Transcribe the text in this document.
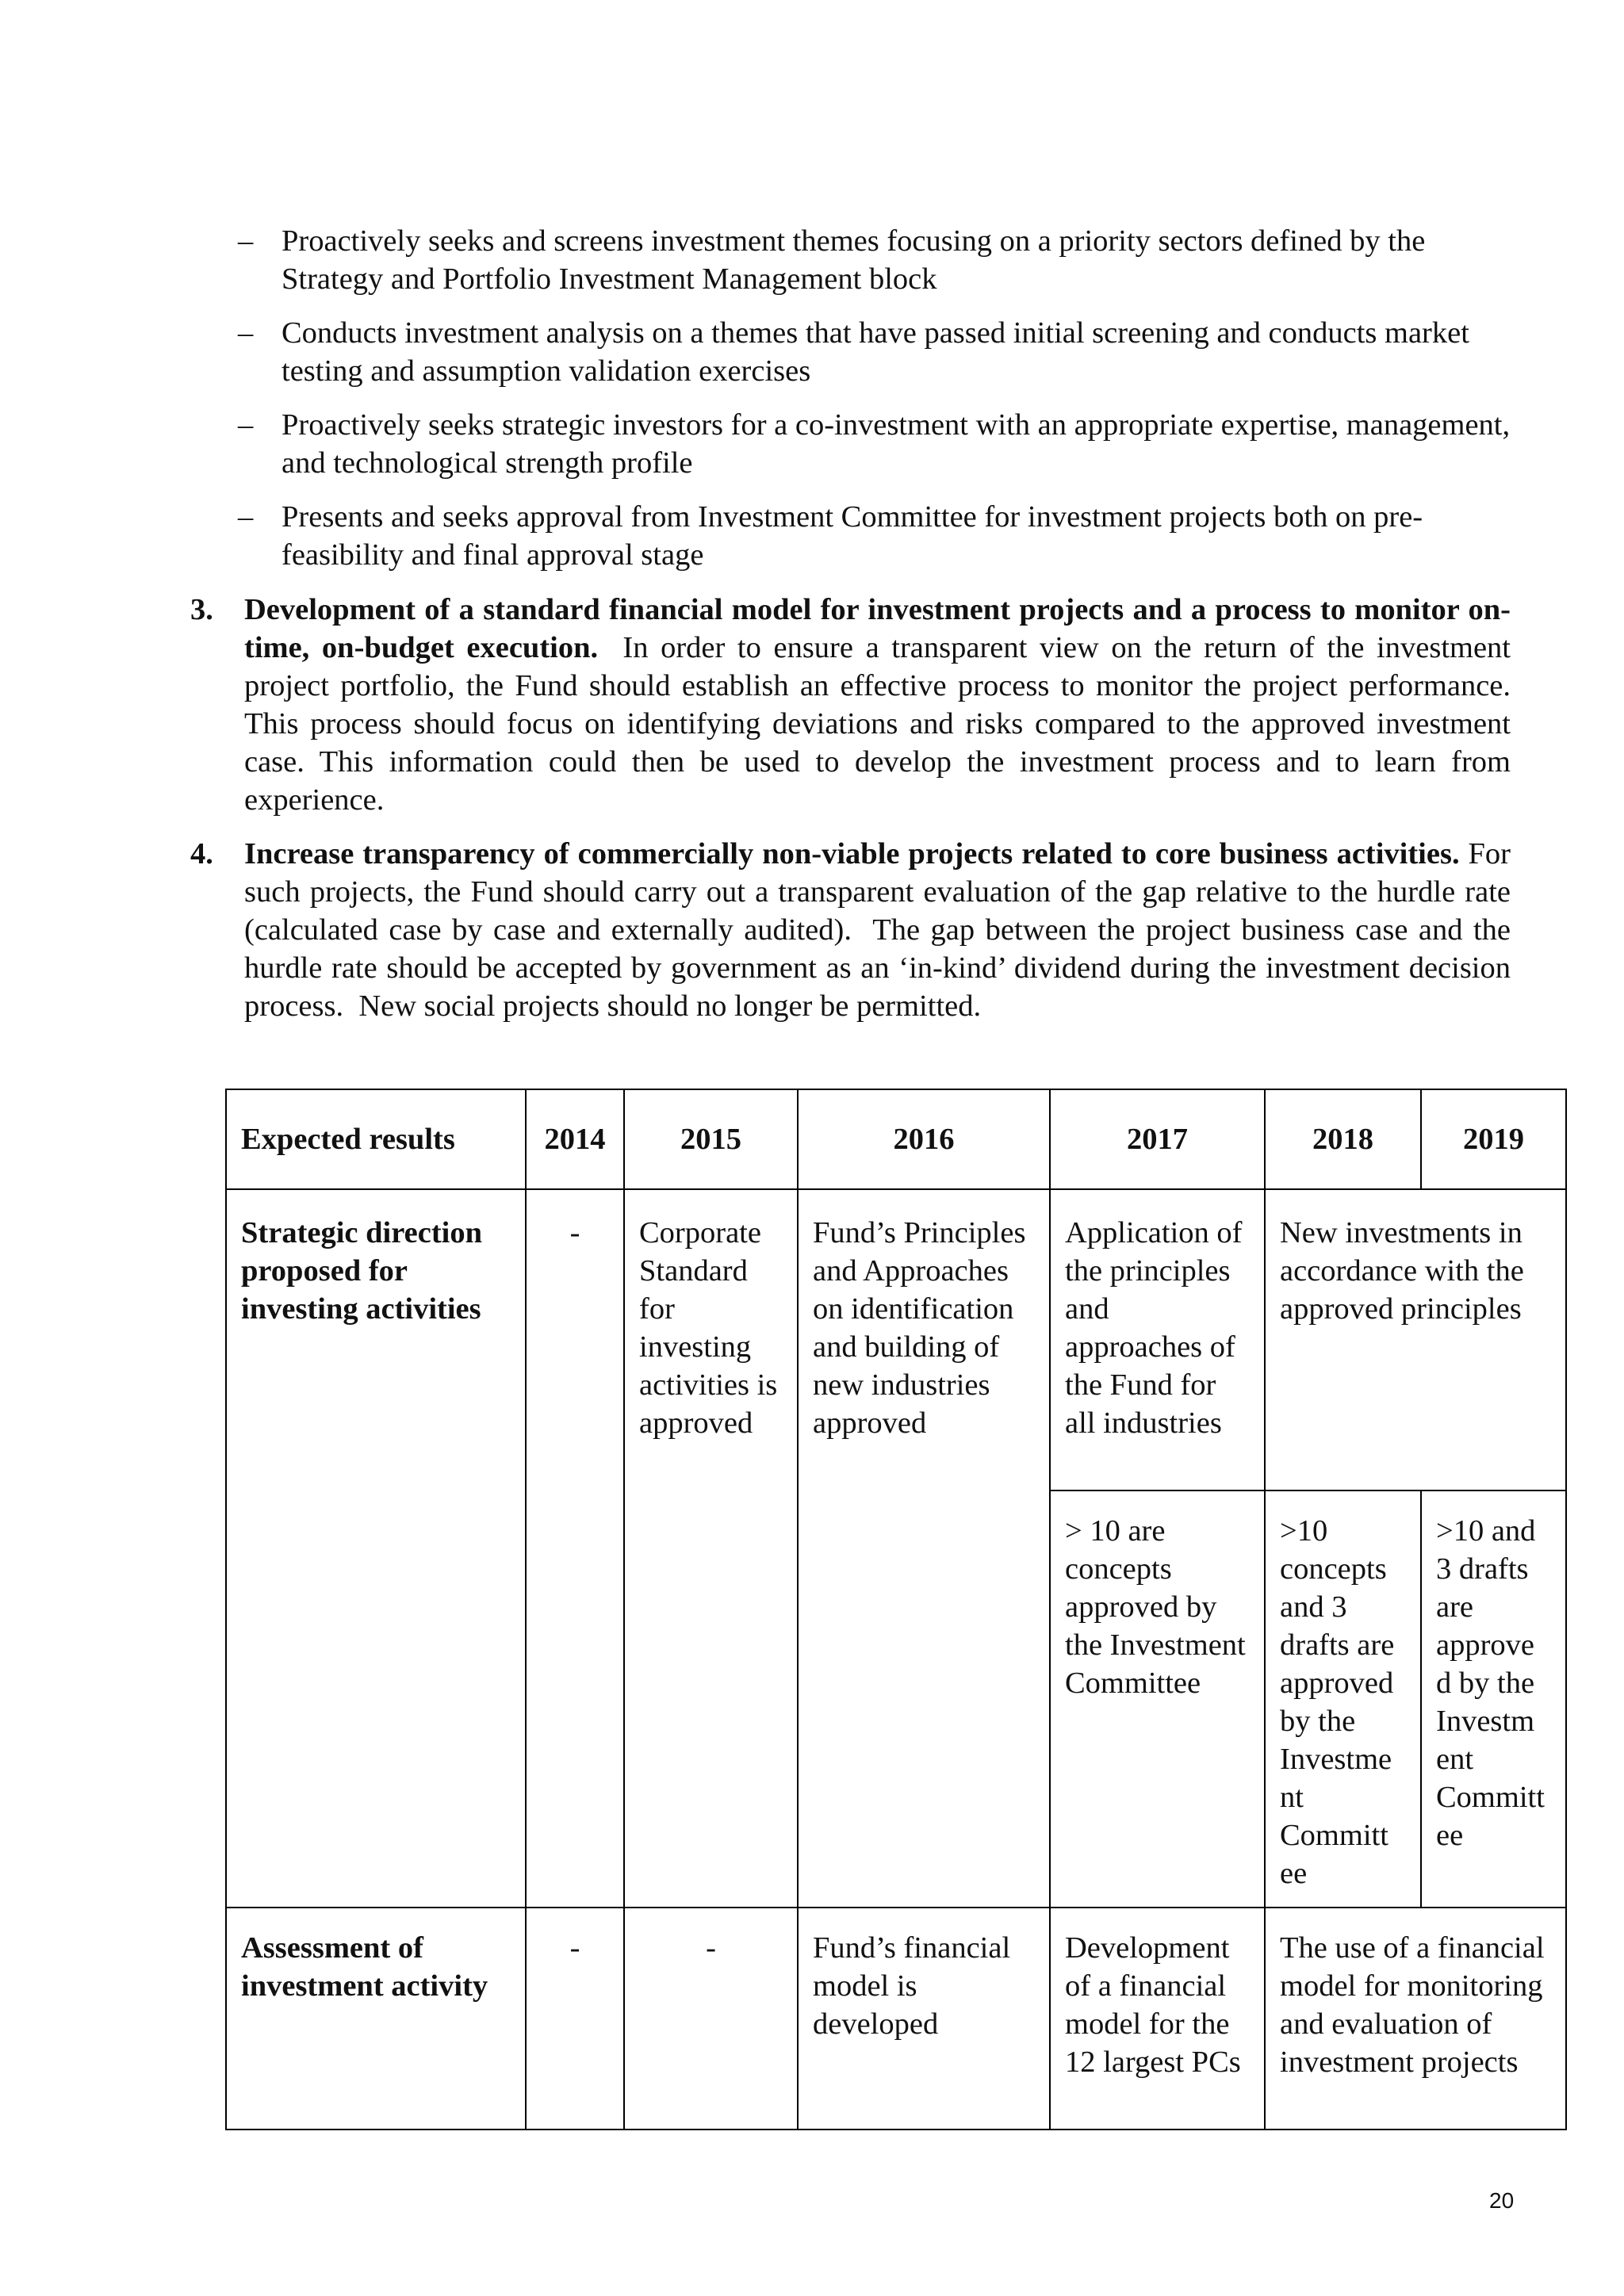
– Proactively seeks and screens investment themes focusing on a priority sectors defined by the Strategy and Portfolio Investment Management block
– Conducts investment analysis on a themes that have passed initial screening and conducts market testing and assumption validation exercises
– Proactively seeks strategic investors for a co-investment with an appropriate expertise, management, and technological strength profile
– Presents and seeks approval from Investment Committee for investment projects both on pre-feasibility and final approval stage
3. Development of a standard financial model for investment projects and a process to monitor on-time, on-budget execution.  In order to ensure a transparent view on the return of the investment project portfolio, the Fund should establish an effective process to monitor the project performance.  This process should focus on identifying deviations and risks compared to the approved investment case. This information could then be used to develop the investment process and to learn from experience.
4. Increase transparency of commercially non-viable projects related to core business activities. For such projects, the Fund should carry out a transparent evaluation of the gap relative to the hurdle rate (calculated case by case and externally audited).  The gap between the project business case and the hurdle rate should be accepted by government as an ‘in-kind’ dividend during the investment decision process.  New social projects should no longer be permitted.
Expected results	2014	2015	2016	2017	2018	2019
Strategic direction proposed for investing activities	-	Corporate Standard for investing activities is approved	Fund’s Principles and Approaches on identification and building of new industries approved	Application of the principles and approaches of the Fund for all industries	New investments in accordance with the approved principles	
				> 10 are concepts approved by the Investment Committee	>10 concepts and 3 drafts are approved by the Investme nt Committ ee	>10 and 3 drafts are approve d by the Investm ent Committ ee
Assessment of investment activity	-	-	Fund’s financial model is developed	Development of a financial model for the 12 largest PCs	The use of a financial model for monitoring and evaluation of investment projects	
20
